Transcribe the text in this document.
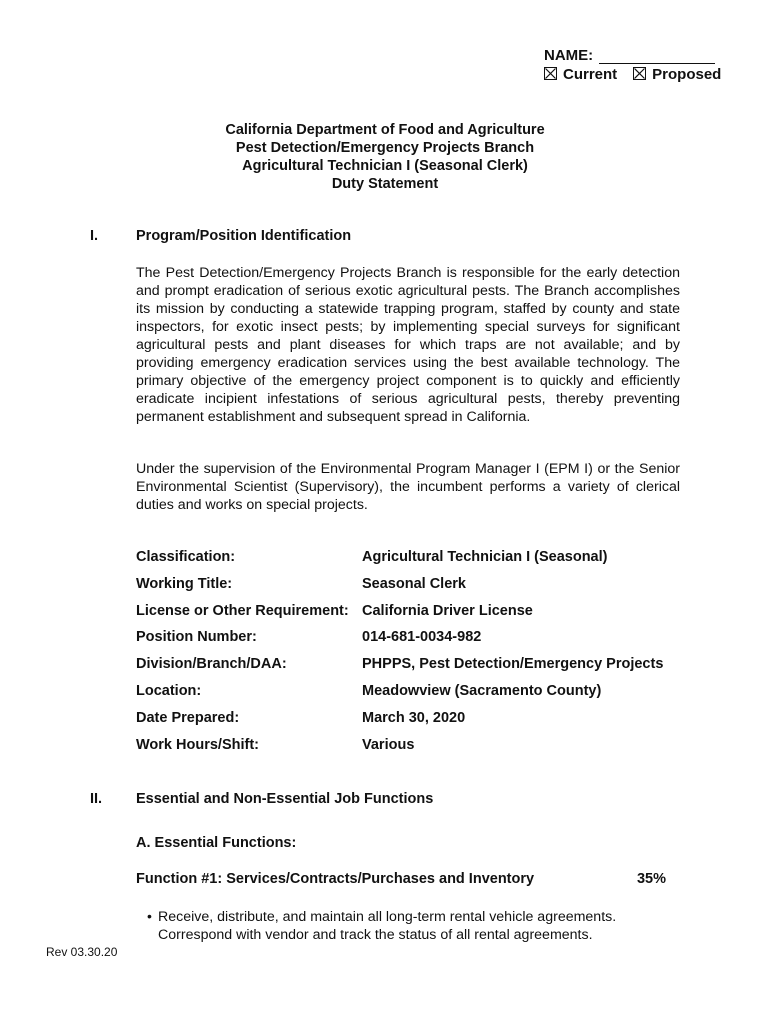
NAME:
Current Proposed
California Department of Food and Agriculture
Pest Detection/Emergency Projects Branch
Agricultural Technician I (Seasonal Clerk)
Duty Statement
I.	Program/Position Identification
The Pest Detection/Emergency Projects Branch is responsible for the early detection and prompt eradication of serious exotic agricultural pests. The Branch accomplishes its mission by conducting a statewide trapping program, staffed by county and state inspectors, for exotic insect pests; by implementing special surveys for significant agricultural pests and plant diseases for which traps are not available; and by providing emergency eradication services using the best available technology. The primary objective of the emergency project component is to quickly and efficiently eradicate incipient infestations of serious agricultural pests, thereby preventing permanent establishment and subsequent spread in California.
Under the supervision of the Environmental Program Manager I (EPM I) or the Senior Environmental Scientist (Supervisory), the incumbent performs a variety of clerical duties and works on special projects.
Classification:	Agricultural Technician I (Seasonal)
Working Title:	Seasonal Clerk
License or Other Requirement: California Driver License
Position Number:	014-681-0034-982
Division/Branch/DAA:	PHPPS, Pest Detection/Emergency Projects
Location:	Meadowview (Sacramento County)
Date Prepared:	March 30, 2020
Work Hours/Shift:	Various
II. Essential and Non-Essential Job Functions
A. Essential Functions:
Function #1: Services/Contracts/Purchases and Inventory	35%
• Receive, distribute, and maintain all long-term rental vehicle agreements. Correspond with vendor and track the status of all rental agreements.
Rev 03.30.20
